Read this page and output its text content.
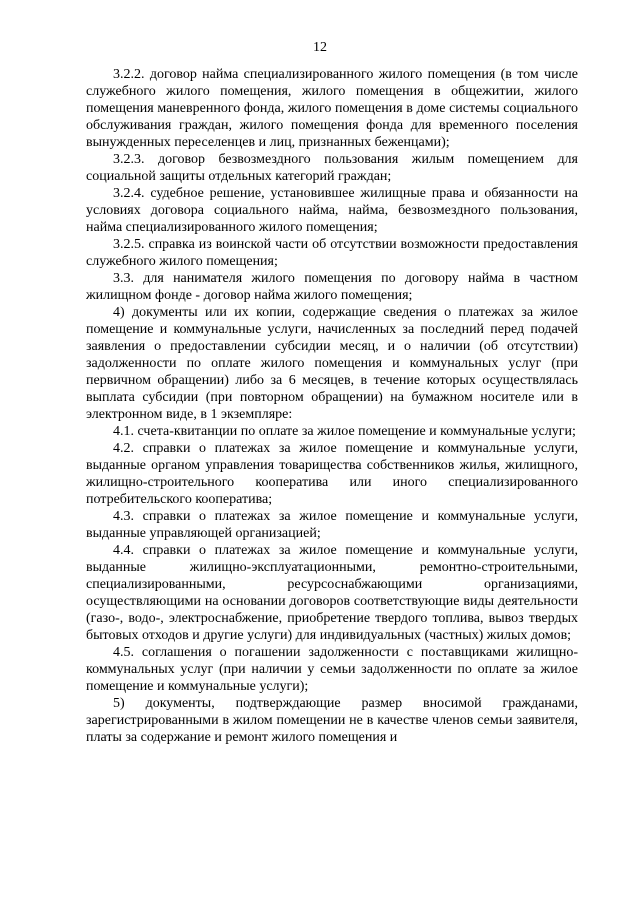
12

3.2.2. договор найма специализированного жилого помещения (в том числе служебного жилого помещения, жилого помещения в общежитии, жилого помещения маневренного фонда, жилого помещения в доме системы социального обслуживания граждан, жилого помещения фонда для временного поселения вынужденных переселенцев и лиц, признанных беженцами);

3.2.3. договор безвозмездного пользования жилым помещением для социальной защиты отдельных категорий граждан;

3.2.4. судебное решение, установившее жилищные права и обязанности на условиях договора социального найма, найма, безвозмездного пользования, найма специализированного жилого помещения;

3.2.5. справка из воинской части об отсутствии возможности предоставления служебного жилого помещения;

3.3. для нанимателя жилого помещения по договору найма в частном жилищном фонде - договор найма жилого помещения;

4) документы или их копии, содержащие сведения о платежах за жилое помещение и коммунальные услуги, начисленных за последний перед подачей заявления о предоставлении субсидии месяц, и о наличии (об отсутствии) задолженности по оплате жилого помещения и коммунальных услуг (при первичном обращении) либо за 6 месяцев, в течение которых осуществлялась выплата субсидии (при повторном обращении) на бумажном носителе или в электронном виде, в 1 экземпляре:

4.1. счета-квитанции по оплате за жилое помещение и коммунальные услуги;

4.2. справки о платежах за жилое помещение и коммунальные услуги, выданные органом управления товарищества собственников жилья, жилищного, жилищно-строительного кооператива или иного специализированного потребительского кооператива;

4.3. справки о платежах за жилое помещение и коммунальные услуги, выданные управляющей организацией;

4.4. справки о платежах за жилое помещение и коммунальные услуги, выданные жилищно-эксплуатационными, ремонтно-строительными, специализированными, ресурсоснабжающими организациями, осуществляющими на основании договоров соответствующие виды деятельности (газо-, водо-, электроснабжение, приобретение твердого топлива, вывоз твердых бытовых отходов и другие услуги) для индивидуальных (частных) жилых домов;

4.5. соглашения о погашении задолженности с поставщиками жилищно-коммунальных услуг (при наличии у семьи задолженности по оплате за жилое помещение и коммунальные услуги);

5) документы, подтверждающие размер вносимой гражданами, зарегистрированными в жилом помещении не в качестве членов семьи заявителя, платы за содержание и ремонт жилого помещения и
